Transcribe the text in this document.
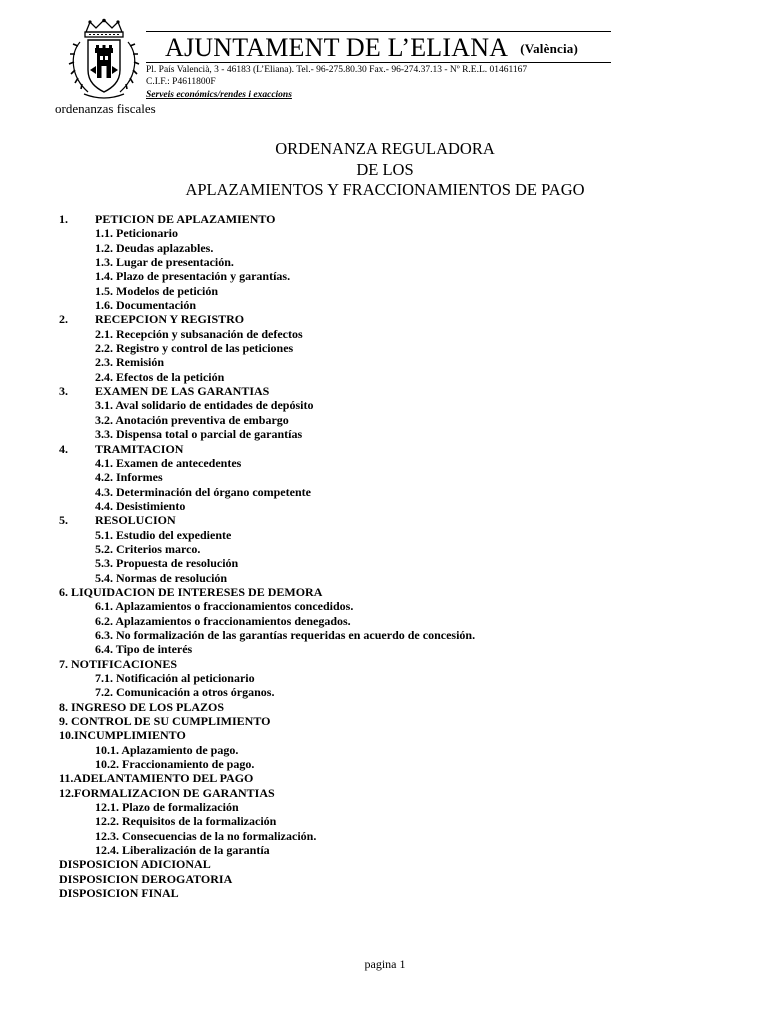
AJUNTAMENT DE L’ELIANA (València)
Pl. País Valencià, 3 - 46183 (L’Eliana). Tel.- 96-275.80.30 Fax.- 96-274.37.13 - Nº R.E.L. 01461167
C.I.F.: P4611800F
Serveis económics/rendes i exaccions
ordenanzas fiscales
ORDENANZA REGULADORA
DE LOS
APLAZAMIENTOS Y FRACCIONAMIENTOS DE PAGO
1. PETICION DE APLAZAMIENTO
1.1. Peticionario
1.2. Deudas aplazables.
1.3. Lugar de presentación.
1.4. Plazo de presentación y garantías.
1.5. Modelos de petición
1.6. Documentación
2. RECEPCION Y REGISTRO
2.1. Recepción y subsanación de defectos
2.2. Registro y control de las peticiones
2.3. Remisión
2.4. Efectos de la petición
3. EXAMEN DE LAS GARANTIAS
3.1. Aval solidario de entidades de depósito
3.2. Anotación preventiva de embargo
3.3. Dispensa total o parcial de garantías
4. TRAMITACION
4.1. Examen de antecedentes
4.2. Informes
4.3. Determinación del órgano competente
4.4. Desistimiento
5. RESOLUCION
5.1. Estudio del expediente
5.2. Criterios marco.
5.3. Propuesta de resolución
5.4. Normas de resolución
6. LIQUIDACION DE INTERESES DE DEMORA
6.1. Aplazamientos o fraccionamientos concedidos.
6.2. Aplazamientos o fraccionamientos denegados.
6.3. No formalización de las garantías requeridas en acuerdo de concesión.
6.4. Tipo de interés
7. NOTIFICACIONES
7.1. Notificación al peticionario
7.2. Comunicación a otros órganos.
8. INGRESO DE LOS PLAZOS
9. CONTROL DE SU CUMPLIMIENTO
10.INCUMPLIMIENTO
10.1. Aplazamiento de pago.
10.2. Fraccionamiento de pago.
11.ADELANTAMIENTO DEL PAGO
12.FORMALIZACION DE GARANTIAS
12.1. Plazo de formalización
12.2. Requisitos de la formalización
12.3. Consecuencias de la no formalización.
12.4. Liberalización de la garantía
DISPOSICION ADICIONAL
DISPOSICION DEROGATORIA
DISPOSICION FINAL
pagina 1
